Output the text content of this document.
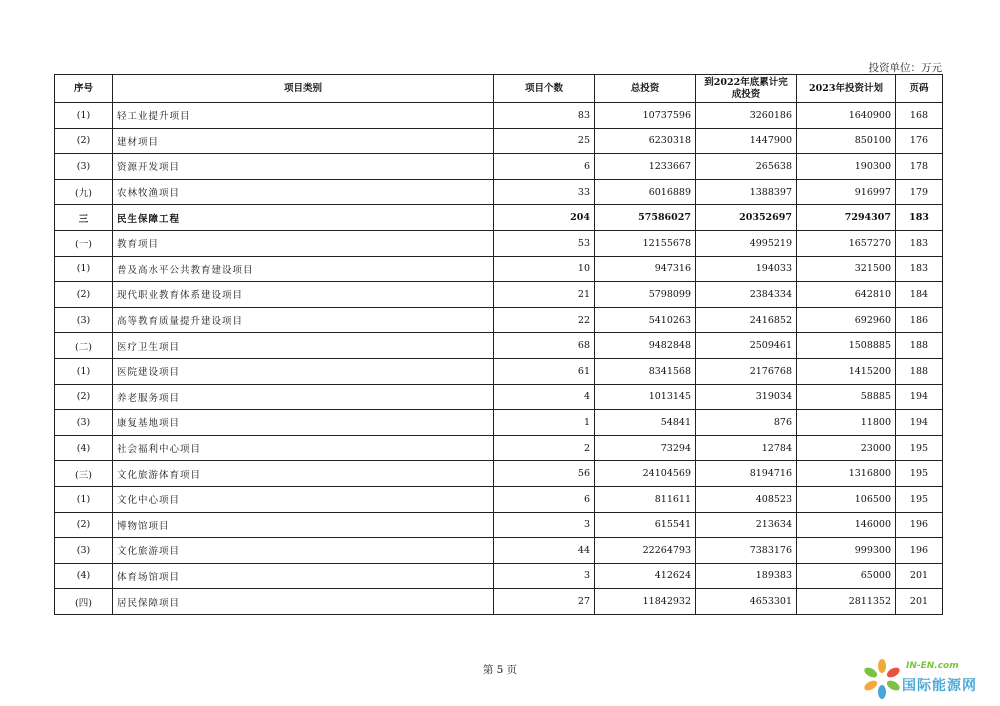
投资单位：万元
序号	项目类别	项目个数	总投资	到2022年底累计完成投资	2023年投资计划	页码
(1)	轻工业提升项目	83	10737596	3260186	1640900	168
(2)	建材项目	25	6230318	1447900	850100	176
(3)	资源开发项目	6	1233667	265638	190300	178
(九)	农林牧渔项目	33	6016889	1388397	916997	179
三	民生保障工程	204	57586027	20352697	7294307	183
(一)	教育项目	53	12155678	4995219	1657270	183
(1)	普及高水平公共教育建设项目	10	947316	194033	321500	183
(2)	现代职业教育体系建设项目	21	5798099	2384334	642810	184
(3)	高等教育质量提升建设项目	22	5410263	2416852	692960	186
(二)	医疗卫生项目	68	9482848	2509461	1508885	188
(1)	医院建设项目	61	8341568	2176768	1415200	188
(2)	养老服务项目	4	1013145	319034	58885	194
(3)	康复基地项目	1	54841	876	11800	194
(4)	社会福利中心项目	2	73294	12784	23000	195
(三)	文化旅游体育项目	56	24104569	8194716	1316800	195
(1)	文化中心项目	6	811611	408523	106500	195
(2)	博物馆项目	3	615541	213634	146000	196
(3)	文化旅游项目	44	22264793	7383176	999300	196
(4)	体育场馆项目	3	412624	189383	65000	201
(四)	居民保障项目	27	11842932	4653301	2811352	201
第 5 页	IN-EN.com
国际能源网
